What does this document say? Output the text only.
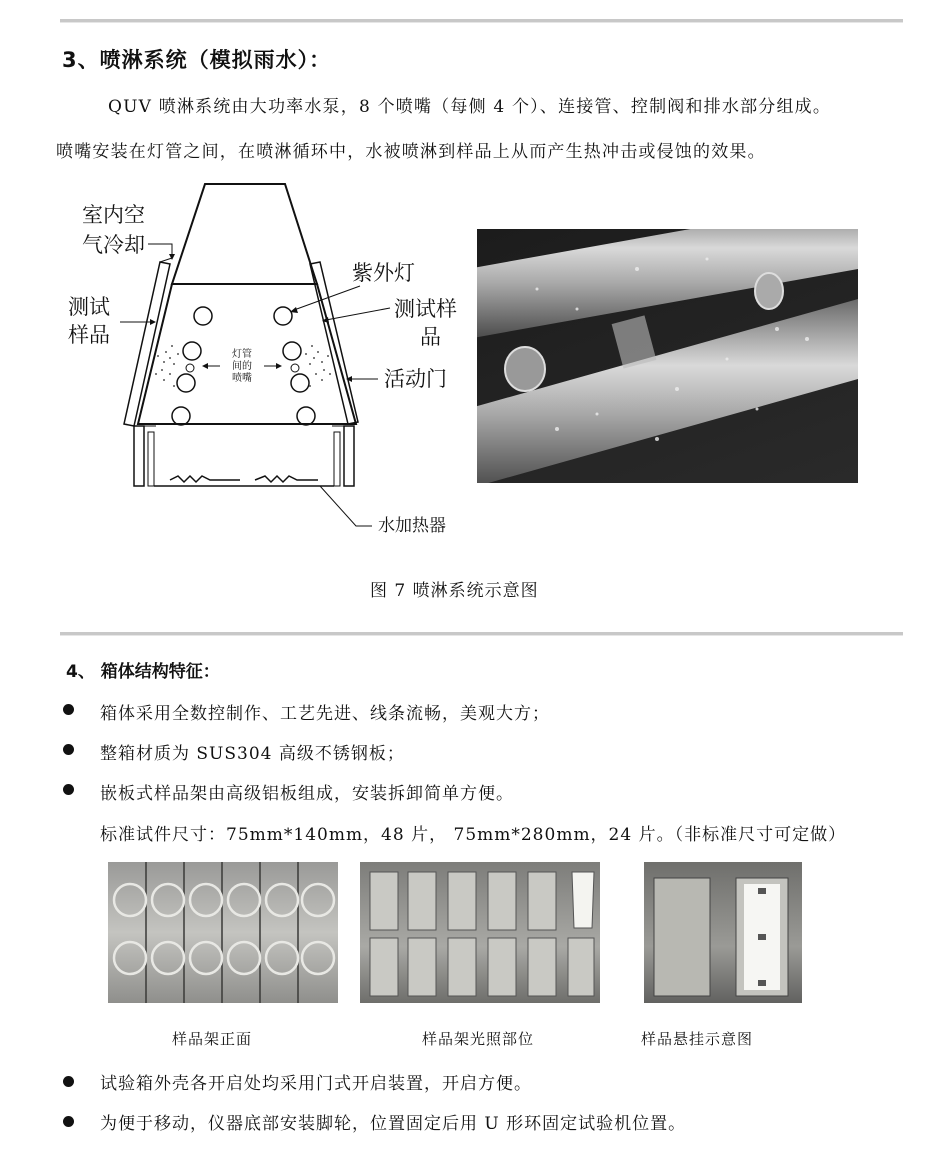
3、喷淋系统（模拟雨水）：
QUV 喷淋系统由大功率水泵，8 个喷嘴（每侧 4 个）、连接管、控制阀和排水部分组成。
喷嘴安装在灯管之间，在喷淋循环中，水被喷淋到样品上从而产生热冲击或侵蚀的效果。
灯管
间的
喷嘴
室内空
气冷却
紫外灯
测试
样品
测试样
品
活动门
水加热器
图 7 喷淋系统示意图
4、 箱体结构特征：
箱体采用全数控制作、工艺先进、线条流畅，美观大方；
整箱材质为 SUS304 高级不锈钢板；
嵌板式样品架由高级铝板组成，安装拆卸简单方便。
标准试件尺寸：75mm*140mm，48 片， 75mm*280mm，24 片。（非标准尺寸可定做）
样品架正面	样品架光照部位	样品悬挂示意图
试验箱外壳各开启处均采用门式开启装置，开启方便。
为便于移动，仪器底部安装脚轮，位置固定后用 U 形环固定试验机位置。
